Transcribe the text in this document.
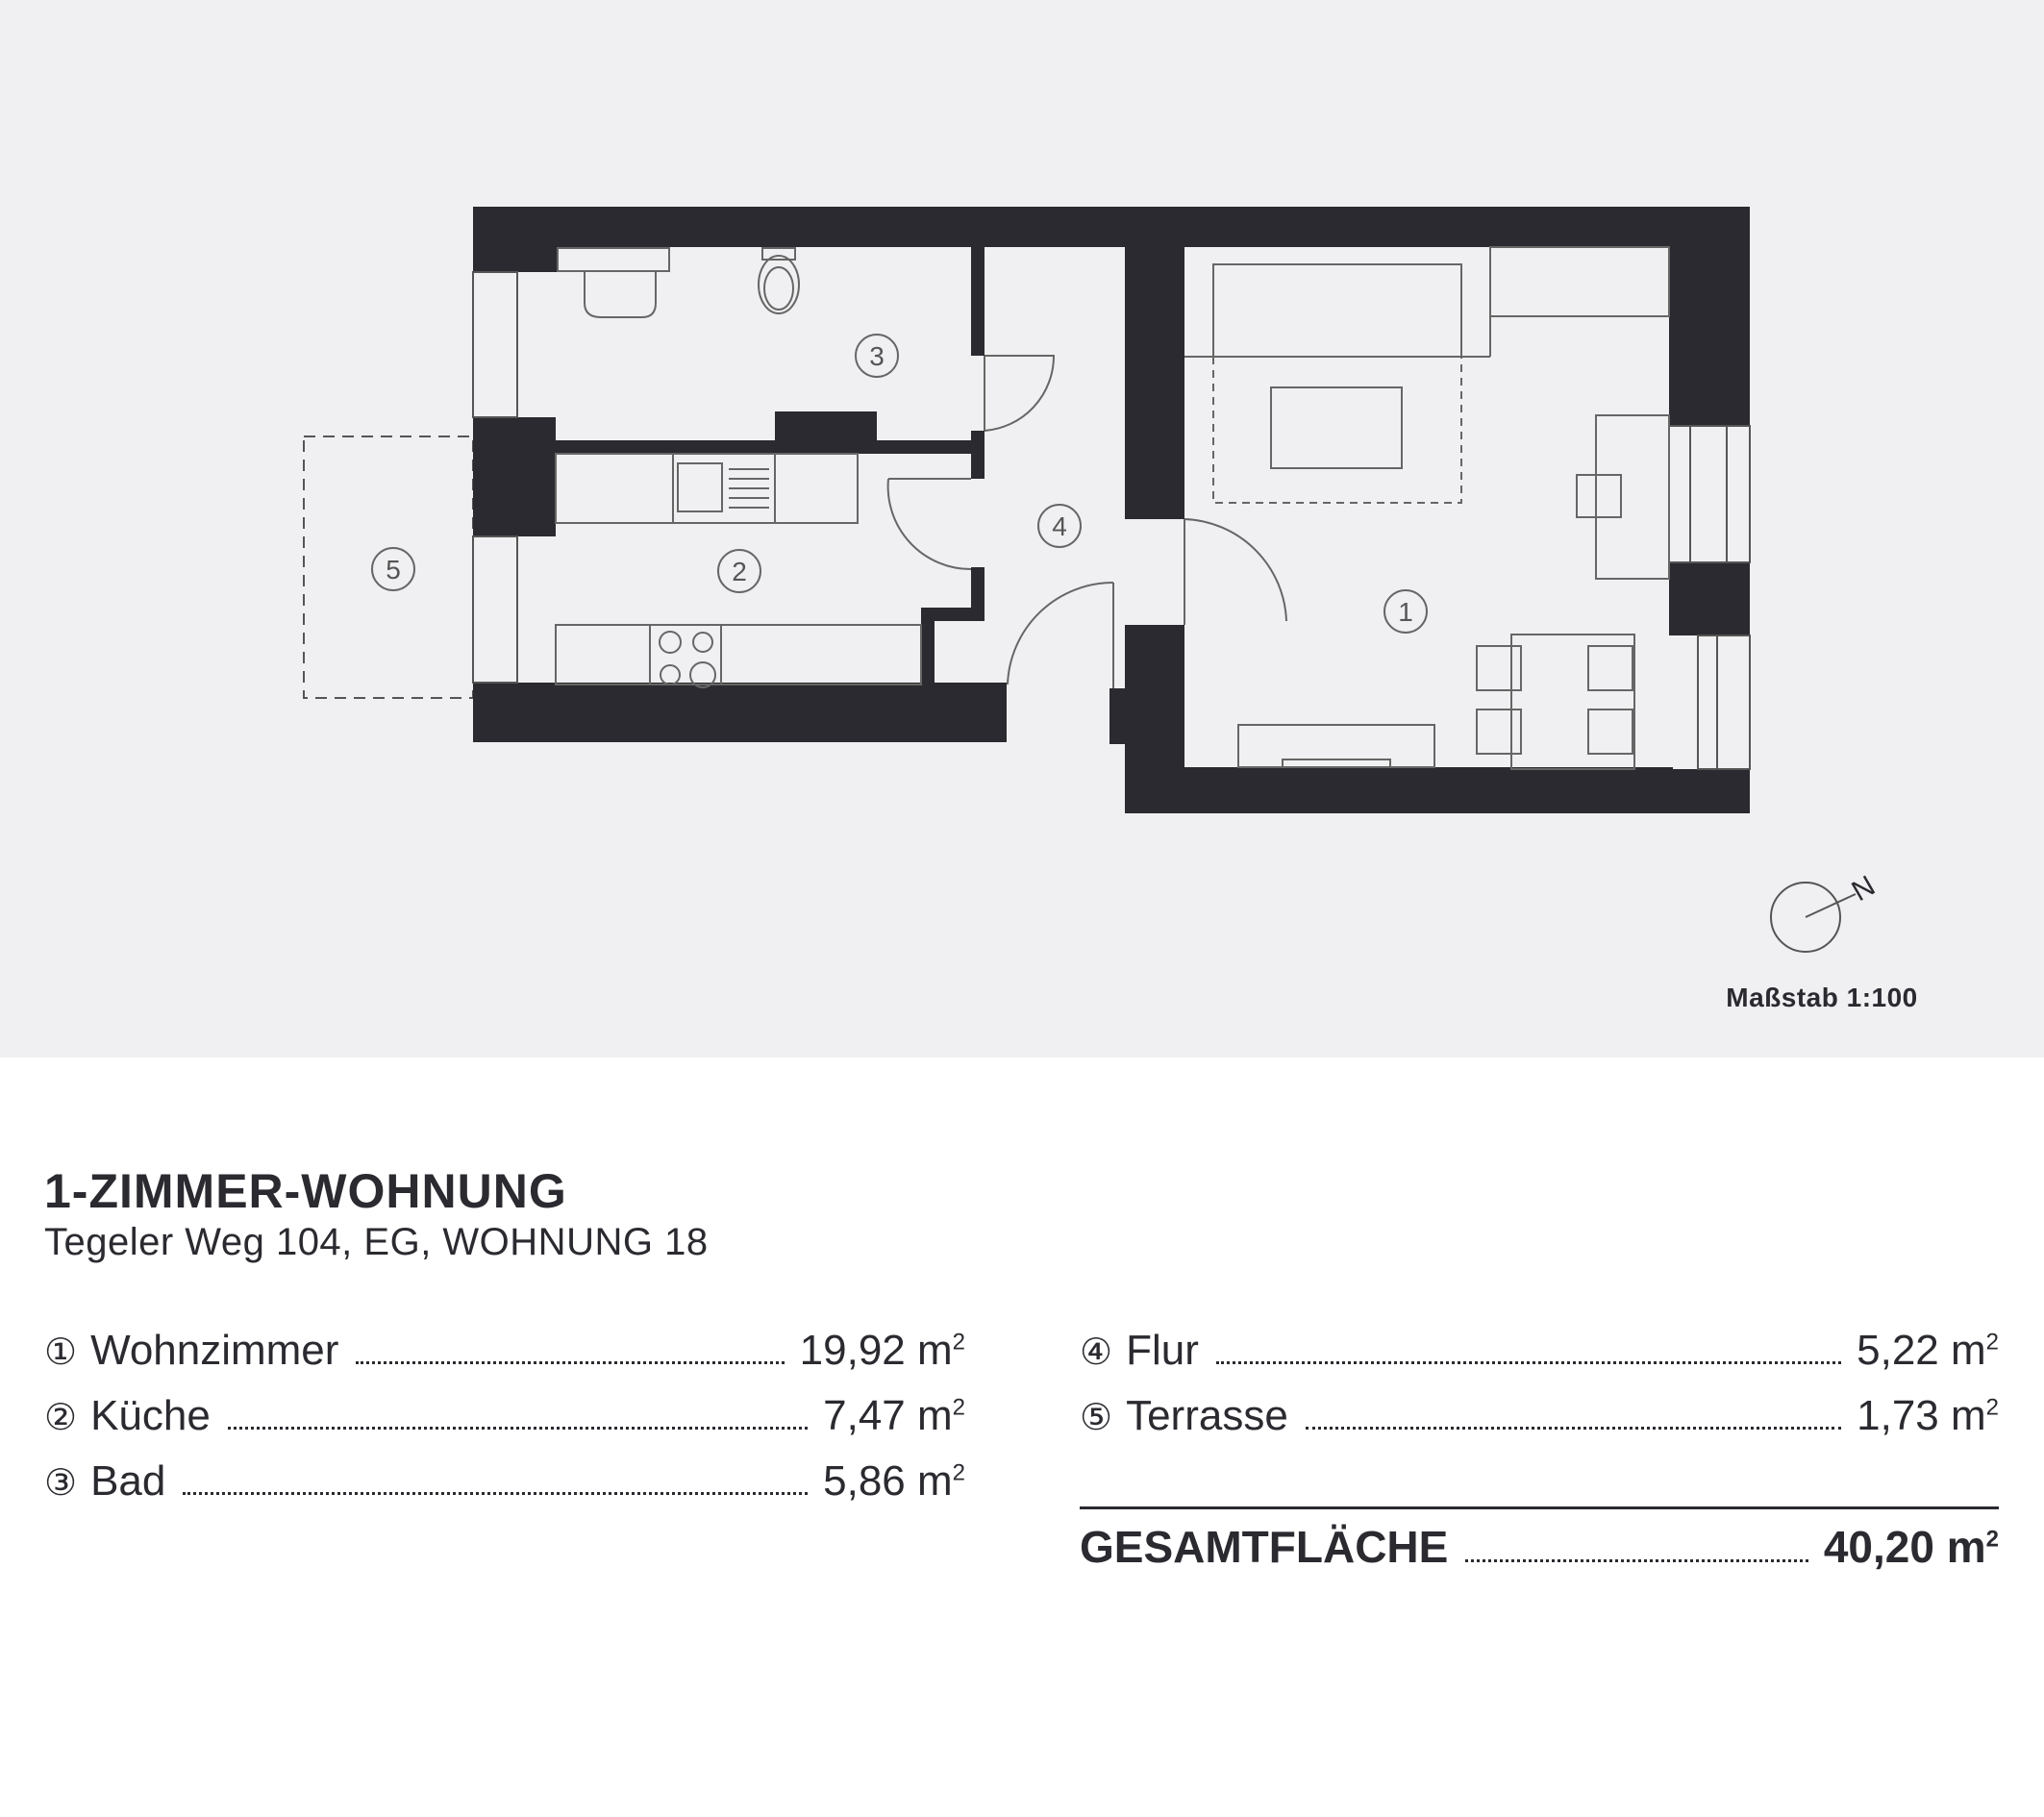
1
2
3
4
5
N
Maßstab 1:100
1-ZIMMER-WOHNUNG
Tegeler Weg 104, EG, WOHNUNG 18
① Wohnzimmer	19,92 $m^2$
② Küche	7,47 $m^2$
③ Bad	5,86 $m^2$
④ Flur	5,22 $m^2$
⑤ Terrasse	1,73 $m^2$
GESAMTFLÄCHE	40,20 $m^2$
